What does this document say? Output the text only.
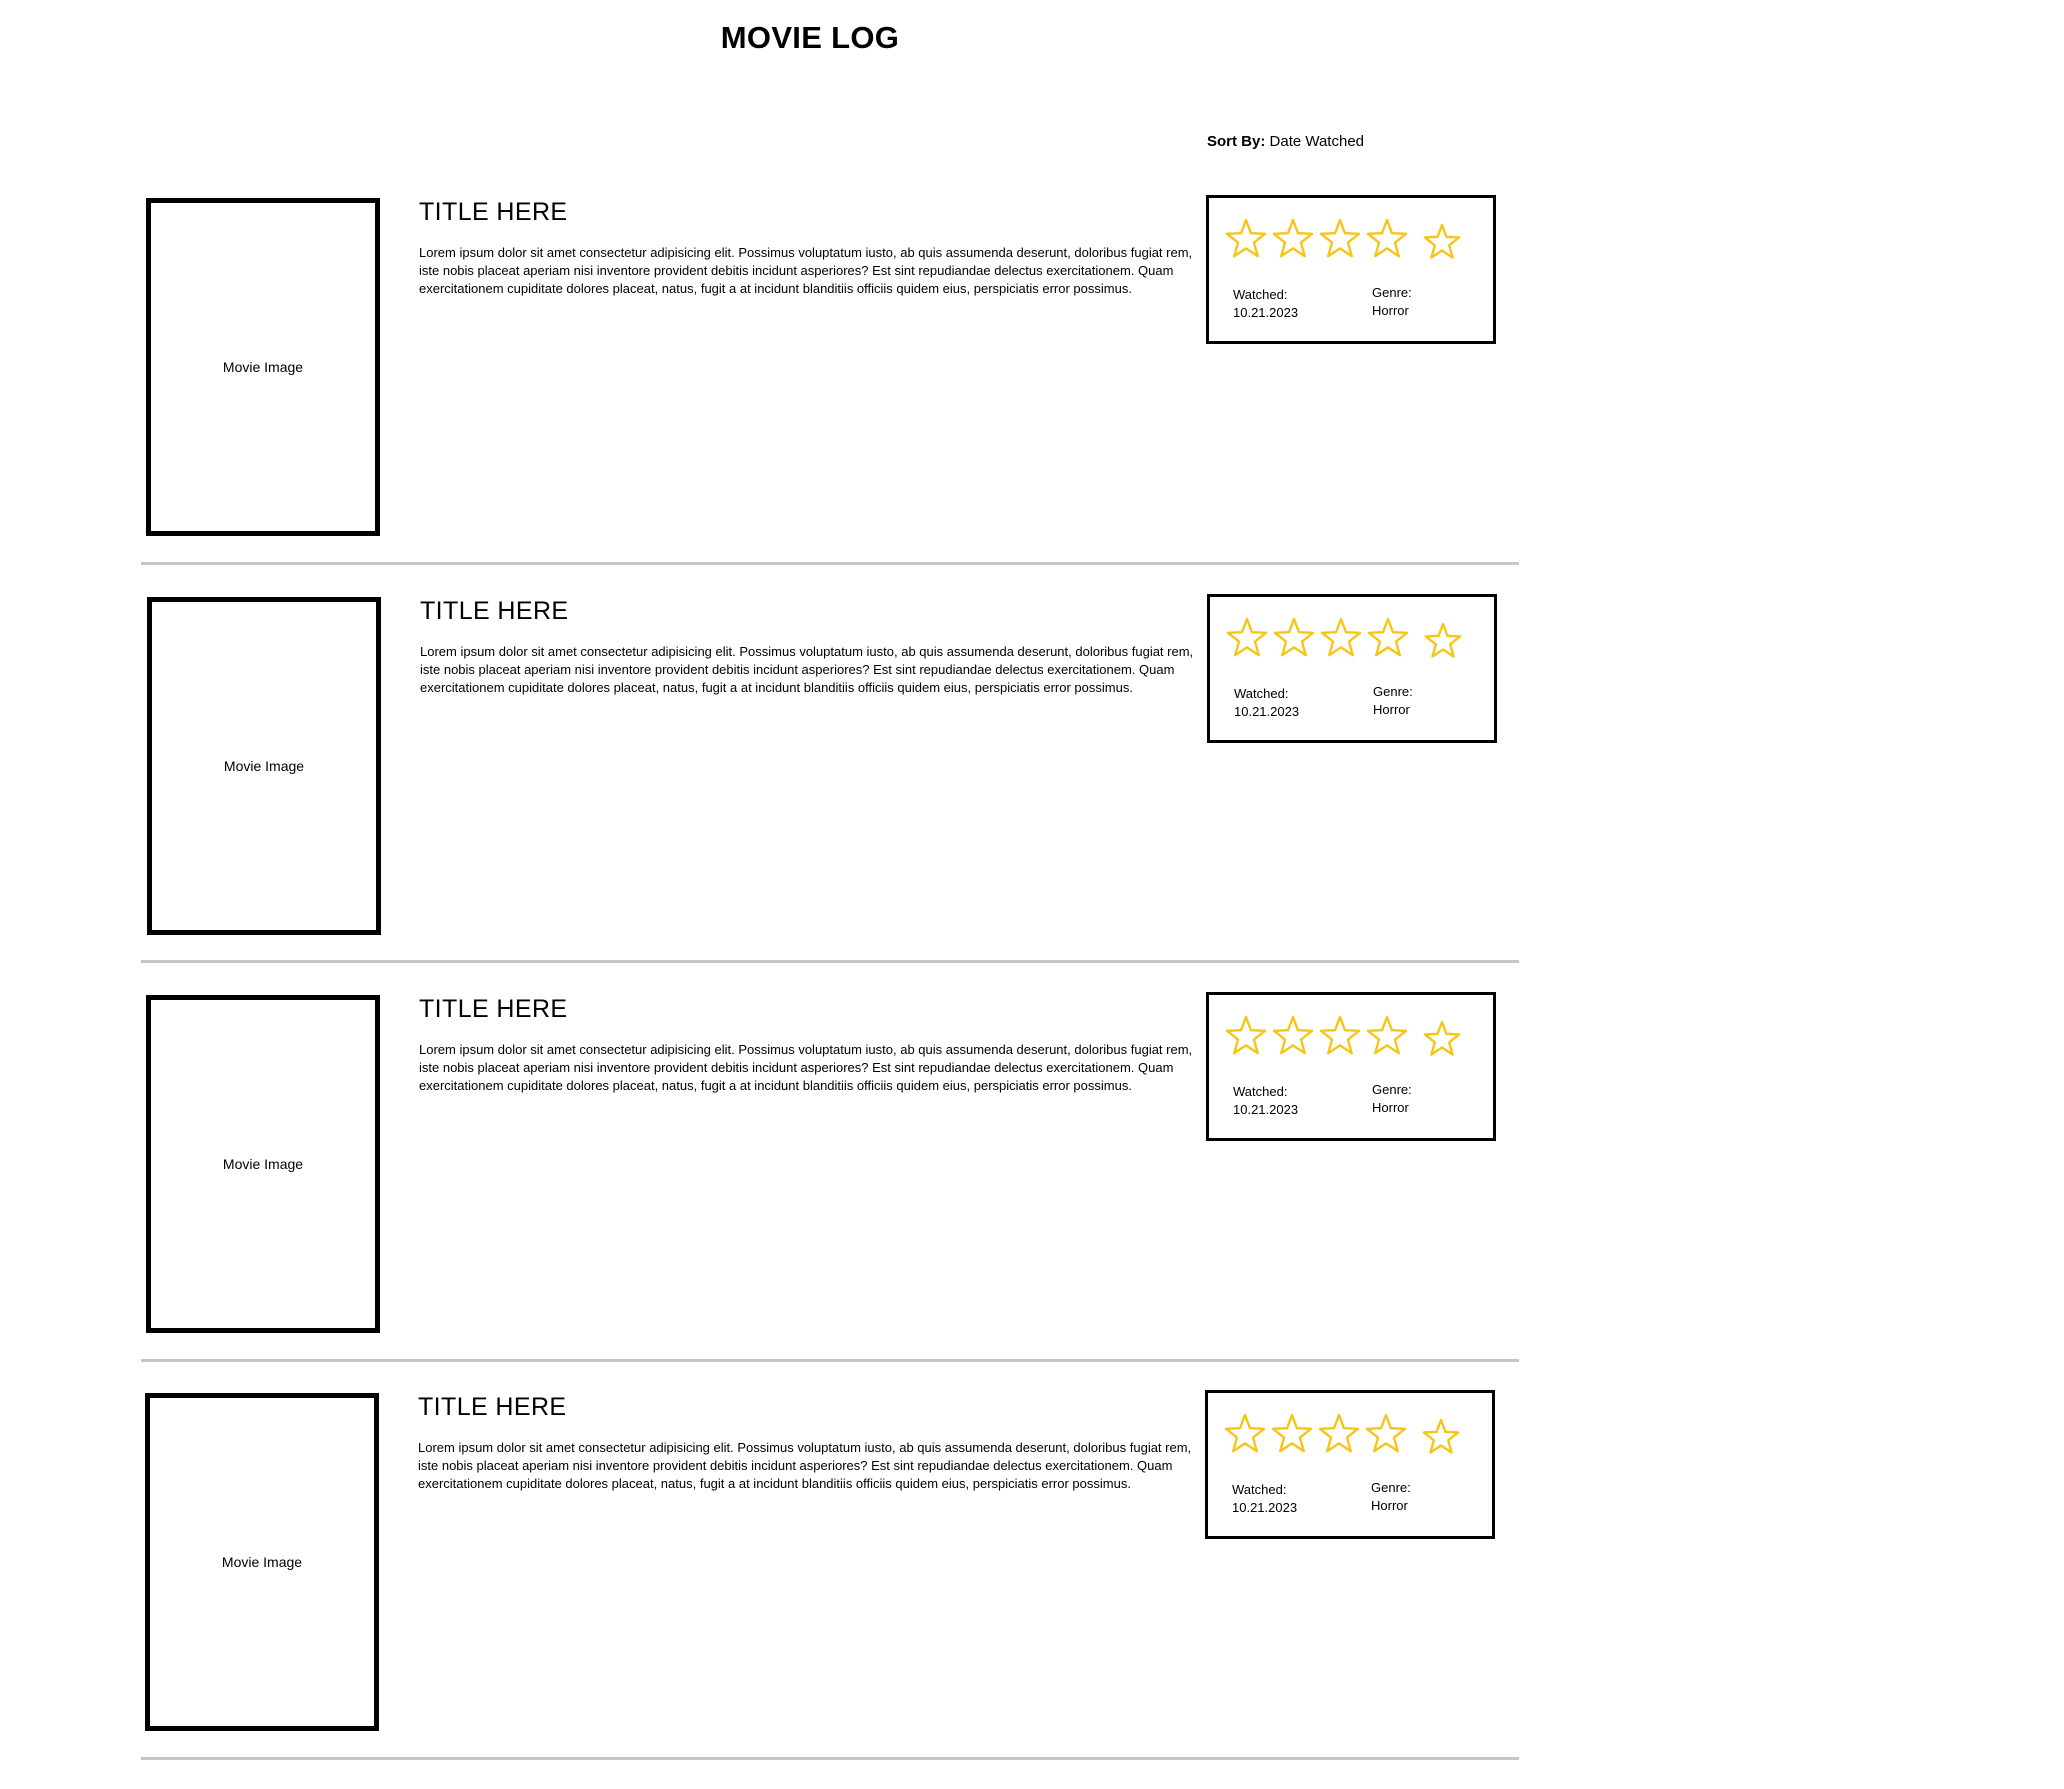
MOVIE LOG
Sort By: Date Watched
Movie Image
TITLE HERE
Lorem ipsum dolor sit amet consectetur adipisicing elit. Possimus voluptatum iusto, ab quis assumenda deserunt, doloribus fugiat rem, iste nobis placeat aperiam nisi inventore provident debitis incidunt asperiores? Est sint repudiandae delectus exercitationem. Quam exercitationem cupiditate dolores placeat, natus, fugit a at incidunt blanditiis officiis quidem eius, perspiciatis error possimus.	Watched:
10.21.2023
Genre:
Horror
Movie Image
TITLE HERE
Lorem ipsum dolor sit amet consectetur adipisicing elit. Possimus voluptatum iusto, ab quis assumenda deserunt, doloribus fugiat rem, iste nobis placeat aperiam nisi inventore provident debitis incidunt asperiores? Est sint repudiandae delectus exercitationem. Quam exercitationem cupiditate dolores placeat, natus, fugit a at incidunt blanditiis officiis quidem eius, perspiciatis error possimus.	Watched:
10.21.2023
Genre:
Horror
Movie Image
TITLE HERE
Lorem ipsum dolor sit amet consectetur adipisicing elit. Possimus voluptatum iusto, ab quis assumenda deserunt, doloribus fugiat rem, iste nobis placeat aperiam nisi inventore provident debitis incidunt asperiores? Est sint repudiandae delectus exercitationem. Quam exercitationem cupiditate dolores placeat, natus, fugit a at incidunt blanditiis officiis quidem eius, perspiciatis error possimus.	Watched:
10.21.2023
Genre:
Horror
Movie Image
TITLE HERE
Lorem ipsum dolor sit amet consectetur adipisicing elit. Possimus voluptatum iusto, ab quis assumenda deserunt, doloribus fugiat rem, iste nobis placeat aperiam nisi inventore provident debitis incidunt asperiores? Est sint repudiandae delectus exercitationem. Quam exercitationem cupiditate dolores placeat, natus, fugit a at incidunt blanditiis officiis quidem eius, perspiciatis error possimus.	Watched:
10.21.2023
Genre:
Horror
